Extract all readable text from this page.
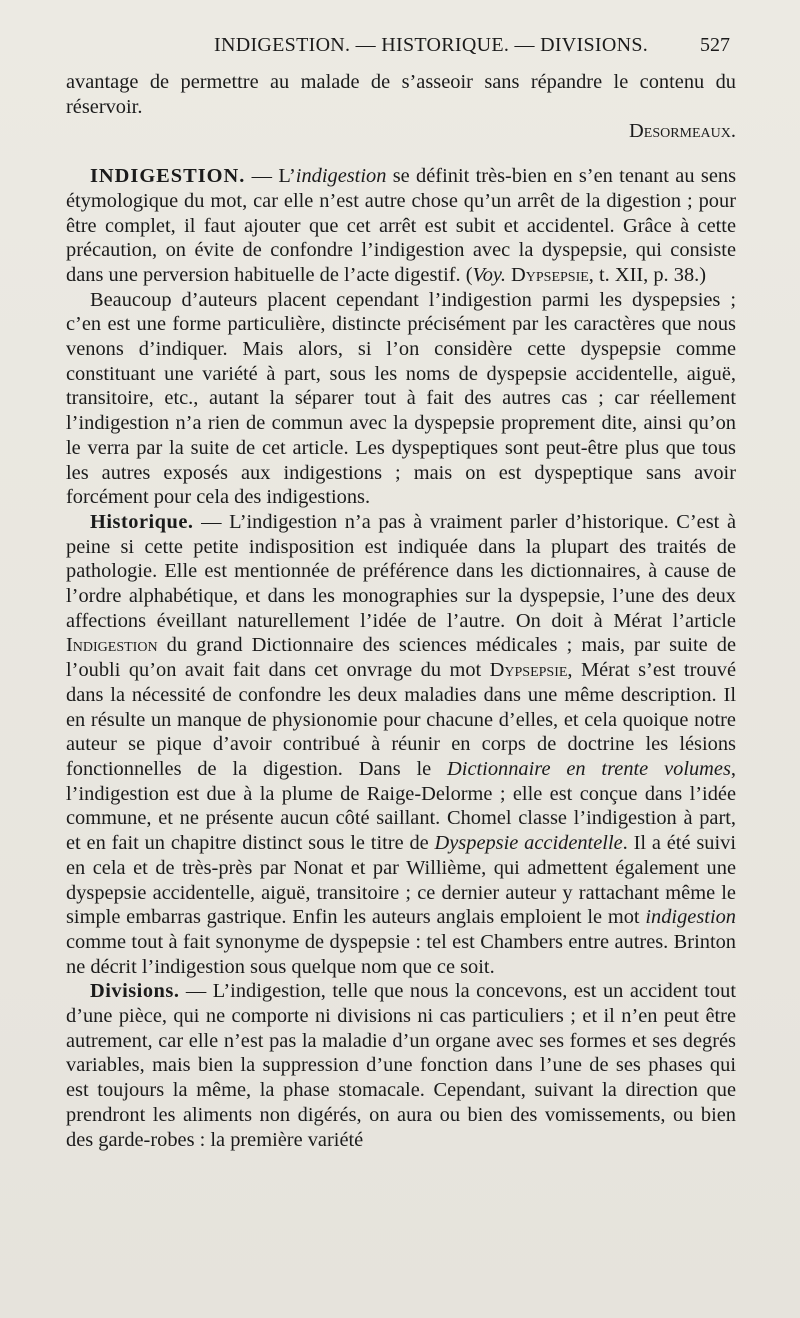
INDIGESTION. — HISTORIQUE. — DIVISIONS.	527

avantage de permettre au malade de s’asseoir sans répandre le contenu du réservoir.

Desormeaux.

INDIGESTION. — L’indigestion se définit très-bien en s’en tenant au sens étymologique du mot, car elle n’est autre chose qu’un arrêt de la digestion ; pour être complet, il faut ajouter que cet arrêt est subit et accidentel. Grâce à cette précaution, on évite de confondre l’indigestion avec la dyspepsie, qui consiste dans une perversion habituelle de l’acte digestif. (Voy. Dypsepsie, t. XII, p. 38.)

Beaucoup d’auteurs placent cependant l’indigestion parmi les dyspepsies ; c’en est une forme particulière, distincte précisément par les caractères que nous venons d’indiquer. Mais alors, si l’on considère cette dyspepsie comme constituant une variété à part, sous les noms de dyspepsie accidentelle, aiguë, transitoire, etc., autant la séparer tout à fait des autres cas ; car réellement l’indigestion n’a rien de commun avec la dyspepsie proprement dite, ainsi qu’on le verra par la suite de cet article. Les dyspeptiques sont peut-être plus que tous les autres exposés aux indigestions ; mais on est dyspeptique sans avoir forcément pour cela des indigestions.

Historique. — L’indigestion n’a pas à vraiment parler d’historique. C’est à peine si cette petite indisposition est indiquée dans la plupart des traités de pathologie. Elle est mentionnée de préférence dans les dictionnaires, à cause de l’ordre alphabétique, et dans les monographies sur la dyspepsie, l’une des deux affections éveillant naturellement l’idée de l’autre. On doit à Mérat l’article Indigestion du grand Dictionnaire des sciences médicales ; mais, par suite de l’oubli qu’on avait fait dans cet onvrage du mot Dypsepsie, Mérat s’est trouvé dans la nécessité de confondre les deux maladies dans une même description. Il en résulte un manque de physionomie pour chacune d’elles, et cela quoique notre auteur se pique d’avoir contribué à réunir en corps de doctrine les lésions fonctionnelles de la digestion. Dans le Dictionnaire en trente volumes, l’indigestion est due à la plume de Raige-Delorme ; elle est conçue dans l’idée commune, et ne présente aucun côté saillant. Chomel classe l’indigestion à part, et en fait un chapitre distinct sous le titre de Dyspepsie accidentelle. Il a été suivi en cela et de très-près par Nonat et par Willième, qui admettent également une dyspepsie accidentelle, aiguë, transitoire ; ce dernier auteur y rattachant même le simple embarras gastrique. Enfin les auteurs anglais emploient le mot indigestion comme tout à fait synonyme de dyspepsie : tel est Chambers entre autres. Brinton ne décrit l’indigestion sous quelque nom que ce soit.

Divisions. — L’indigestion, telle que nous la concevons, est un accident tout d’une pièce, qui ne comporte ni divisions ni cas particuliers ; et il n’en peut être autrement, car elle n’est pas la maladie d’un organe avec ses formes et ses degrés variables, mais bien la suppression d’une fonction dans l’une de ses phases qui est toujours la même, la phase stomacale. Cependant, suivant la direction que prendront les aliments non digérés, on aura ou bien des vomissements, ou bien des garde-robes : la première variété
